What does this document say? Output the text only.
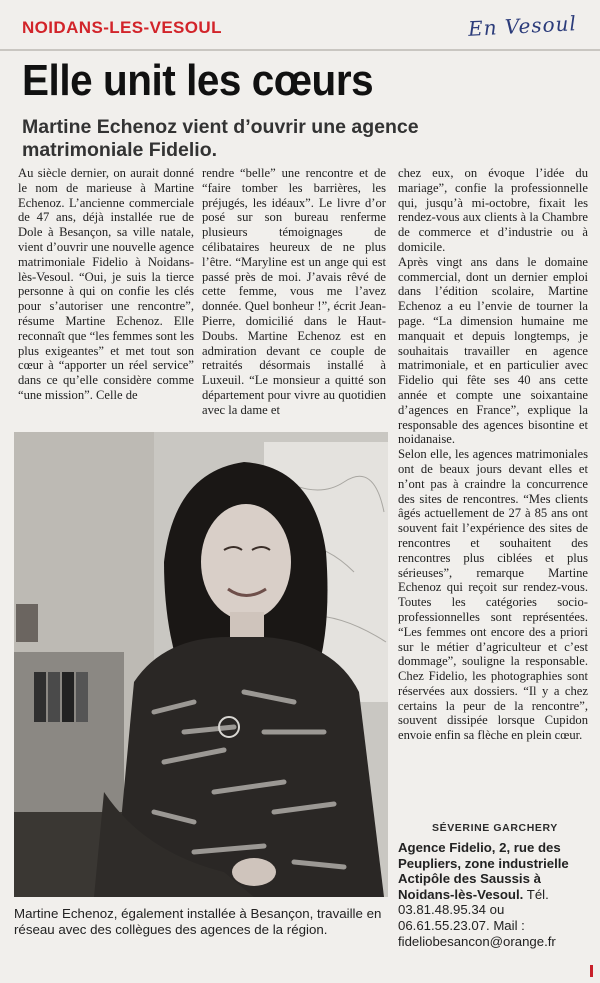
NOIDANS-LES-VESOUL	En Vesoul
Elle unit les cœurs
Martine Echenoz vient d’ouvrir une agence matrimoniale Fidelio.

Au siècle dernier, on aurait donné le nom de marieuse à Martine Echenoz. L’ancienne commerciale de 47 ans, déjà installée rue de Dole à Besançon, sa ville natale, vient d’ouvrir une nouvelle agence matrimoniale Fidelio à Noidans-lès-Vesoul. “Oui, je suis la tierce personne à qui on confie les clés pour s’autoriser une rencontre”, résume Martine Echenoz. Elle reconnaît que “les femmes sont les plus exigeantes” et met tout son cœur à “apporter un réel service” dans ce qu’elle considère comme “une mission”. Celle de

rendre “belle” une rencontre et de “faire tomber les barrières, les préjugés, les idéaux”. Le livre d’or posé sur son bureau renferme plusieurs témoignages de célibataires heureux de ne plus l’être. “Maryline est un ange qui est passé près de moi. J’avais rêvé de cette femme, vous me l’avez donnée. Quel bonheur !”, écrit Jean-Pierre, domicilié dans le Haut-Doubs. Martine Echenoz est en admiration devant ce couple de retraités désormais installé à Luxeuil. “Le monsieur a quitté son département pour vivre au quotidien avec la dame et

chez eux, on évoque l’idée du mariage”, confie la professionnelle qui, jusqu’à mi-octobre, fixait les rendez-vous aux clients à la Chambre de commerce et d’industrie ou à domicile.

Après vingt ans dans le domaine commercial, dont un dernier emploi dans l’édition scolaire, Martine Echenoz a eu l’envie de tourner la page. “La dimension humaine me manquait et depuis longtemps, je souhaitais travailler en agence matrimoniale, et en particulier avec Fidelio qui fête ses 40 ans cette année et compte une soixantaine d’agences en France”, explique la responsable des agences bisontine et noidanaise.

Selon elle, les agences matrimoniales ont de beaux jours devant elles et n’ont pas à craindre la concurrence des sites de rencontres. “Mes clients âgés actuellement de 27 à 85 ans ont souvent fait l’expérience des sites de rencontres et souhaitent des rencontres plus ciblées et plus sérieuses”, remarque Martine Echenoz qui reçoit sur rendez-vous. Toutes les catégories socio-professionnelles sont représentées. “Les femmes ont encore des a priori sur le métier d’agriculteur et c’est dommage”, souligne la responsable. Chez Fidelio, les photographies sont réservées aux dossiers. “Il y a chez certains la peur de la rencontre”, souvent dissipée lorsque Cupidon envoie enfin sa flèche en plein cœur.

Martine Echenoz, également installée à Besançon, travaille en réseau avec des collègues des agences de la région.
SÉVERINE GARCHERY
Agence Fidelio, 2, rue des Peupliers, zone industrielle Actipôle des Saussis à Noidans-lès-Vesoul. Tél. 03.81.48.95.34 ou 06.61.55.23.07. Mail : fideliobesancon@orange.fr
